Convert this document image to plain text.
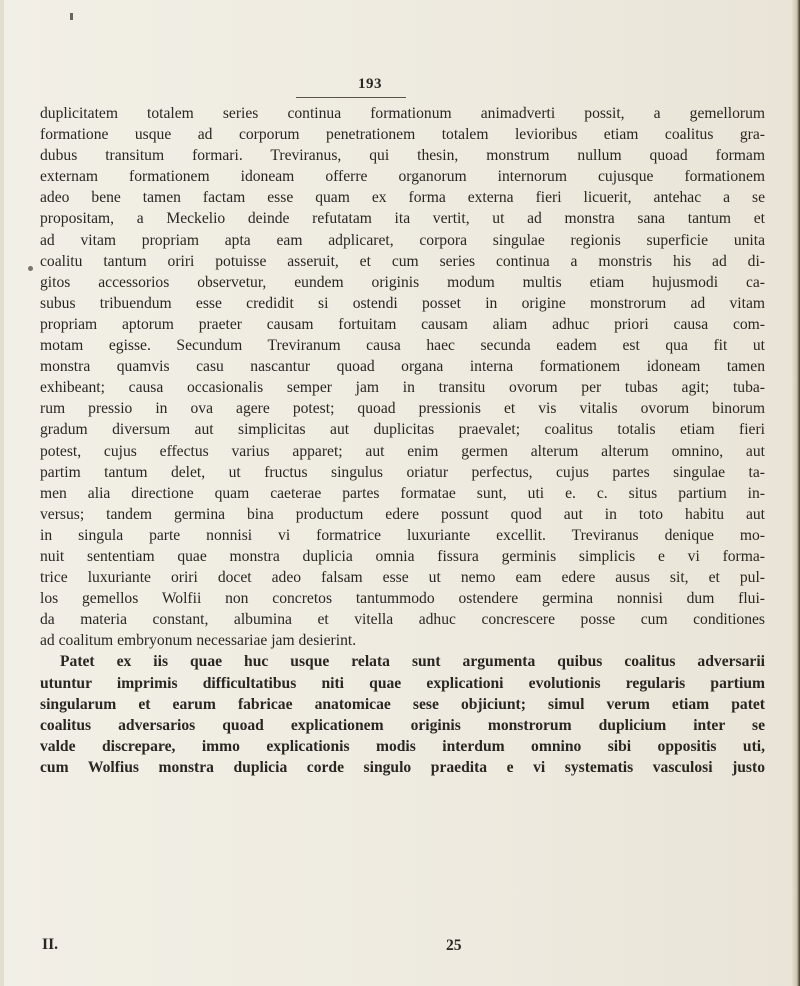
193
duplicitatem totalem series continua formationum animadverti possit, a gemellorum
formatione usque ad corporum penetrationem totalem levioribus etiam coalitus gra-
dubus transitum formari. Treviranus, qui thesin, monstrum nullum quoad formam
externam formationem idoneam offerre organorum internorum cujusque formationem
adeo bene tamen factam esse quam ex forma externa fieri licuerit, antehac a se
propositam, a Meckelio deinde refutatam ita vertit, ut ad monstra sana tantum et
ad vitam propriam apta eam adplicaret, corpora singulae regionis superficie unita
coalitu tantum oriri potuisse asseruit, et cum series continua a monstris his ad di-
gitos accessorios observetur, eundem originis modum multis etiam hujusmodi ca-
subus tribuendum esse credidit si ostendi posset in origine monstrorum ad vitam
propriam aptorum praeter causam fortuitam causam aliam adhuc priori causa com-
motam egisse. Secundum Treviranum causa haec secunda eadem est qua fit ut
monstra quamvis casu nascantur quoad organa interna formationem idoneam tamen
exhibeant; causa occasionalis semper jam in transitu ovorum per tubas agit; tuba-
rum pressio in ova agere potest; quoad pressionis et vis vitalis ovorum binorum
gradum diversum aut simplicitas aut duplicitas praevalet; coalitus totalis etiam fieri
potest, cujus effectus varius apparet; aut enim germen alterum alterum omnino, aut
partim tantum delet, ut fructus singulus oriatur perfectus, cujus partes singulae ta-
men alia directione quam caeterae partes formatae sunt, uti e. c. situs partium in-
versus; tandem germina bina productum edere possunt quod aut in toto habitu aut
in singula parte nonnisi vi formatrice luxuriante excellit. Treviranus denique mo-
nuit sententiam quae monstra duplicia omnia fissura germinis simplicis e vi forma-
trice luxuriante oriri docet adeo falsam esse ut nemo eam edere ausus sit, et pul-
los gemellos Wolfii non concretos tantummodo ostendere germina nonnisi dum flui-
da materia constant, albumina et vitella adhuc concrescere posse cum conditiones
ad coalitum embryonum necessariae jam desierint.
Patet ex iis quae huc usque relata sunt argumenta quibus coalitus adversarii
utuntur imprimis difficultatibus niti quae explicationi evolutionis regularis partium
singularum et earum fabricae anatomicae sese objiciunt; simul verum etiam patet
coalitus adversarios quoad explicationem originis monstrorum duplicium inter se
valde discrepare, immo explicationis modis interdum omnino sibi oppositis uti,
cum Wolfius monstra duplicia corde singulo praedita e vi systematis vasculosi justo
II.	25
